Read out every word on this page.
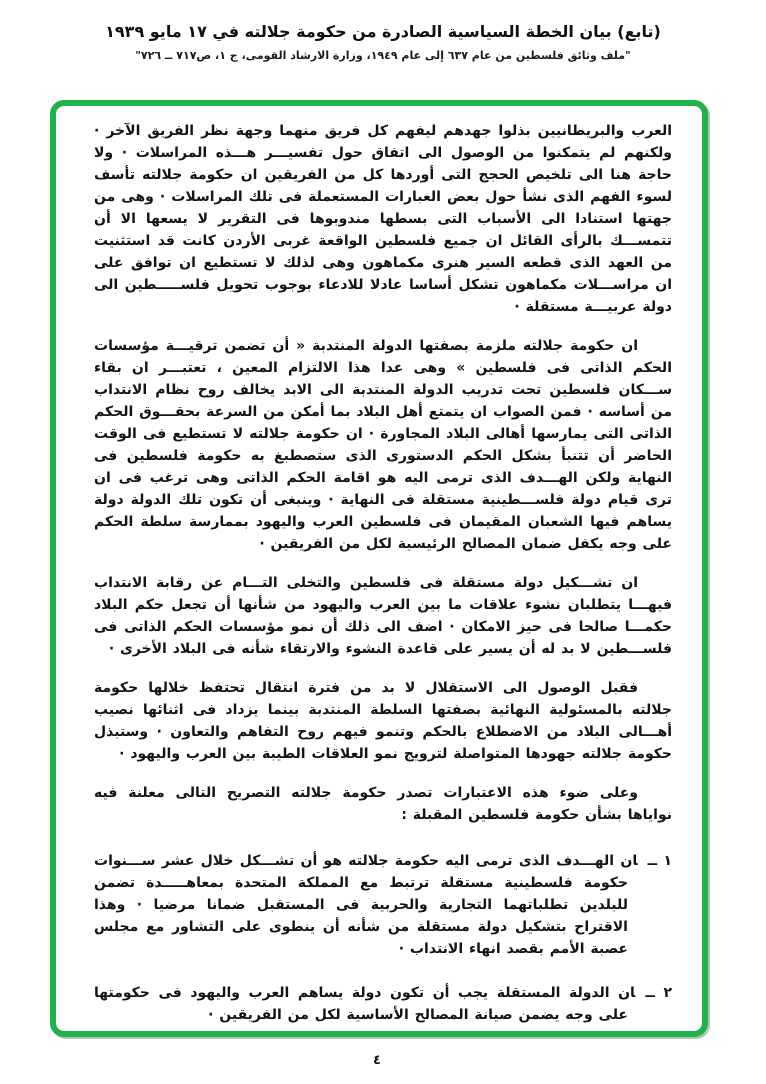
(تابع) بيان الخطة السياسية الصادرة من حكومة جلالته في ١٧ مايو ١٩٣٩
"ملف وثائق فلسطين من عام ٦٣٧ إلى عام ١٩٤٩، وزارة الارشاد القومى، ج ١، ص٧١٧ ــ ٧٢٦"

العرب والبريطانيين بذلوا جهدهم ليفهم كل فريق منهما وجهة نظر الفريق الآخر · ولكنهم لم يتمكنوا من الوصول الى اتفاق حول تفسيـــر هـــذه المراسلات · ولا حاجة هنا الى تلخيص الحجج التى أوردها كل من الفريقين ان حكومة جلالته تأسف لسوء الفهم الذى نشأ حول بعض العبارات المستعملة فى تلك المراسلات · وهى من جهتها استنادا الى الأسباب التى بسطها مندوبوها فى التقرير لا يسعها الا أن تتمســـك بالرأى القائل ان جميع فلسطين الواقعة غربى الأردن كانت قد استثنيت من العهد الذى قطعه السير هنرى مكماهون وهى لذلك لا تستطيع ان توافق على ان مراســـلات مكماهون تشكل أساسا عادلا للادعاء بوجوب تحويل فلســـــطين الى دولة عربيـــة مستقلة ·

ان حكومة جلالته ملزمة بصفتها الدولة المنتدبة « أن تضمن ترقيـــة مؤسسات الحكم الذاتى فى فلسطين » وهى عدا هذا الالتزام المعين ، تعتبـــر ان بقاء ســـكان فلسطين تحت تدريب الدولة المنتدبة الى الابد يخالف روح نظام الانتداب من أساسه · فمن الصواب ان يتمتع أهل البلاد بما أمكن من السرعة بحقـــوق الحكم الذاتى التى يمارسها أهالى البلاد المجاورة · ان حكومة جلالته لا تستطيع فى الوقت الحاضر أن تتنبأ بشكل الحكم الدستورى الذى ستصطبغ به حكومة فلسطين فى النهاية ولكن الهـــدف الذى ترمى اليه هو اقامة الحكم الذاتى وهى ترغب فى ان ترى قيام دولة فلســـطينية مستقلة فى النهاية · وينبغى أن تكون تلك الدولة دولة يساهم فيها الشعبان المقيمان فى فلسطين العرب واليهود بممارسة سلطة الحكم على وجه يكفل ضمان المصالح الرئيسية لكل من الفريقين ·

ان تشـــكيل دولة مستقلة فى فلسطين والتخلى التـــام عن رقابة الانتداب فيهـــا يتطلبان نشوء علاقات ما بين العرب واليهود من شأنها أن تجعل حكم البلاد حكمـــا صالحا فى حيز الامكان · اضف الى ذلك أن نمو مؤسسات الحكم الذاتى فى فلســـطين لا بد له أن يسير على قاعدة النشوء والارتقاء شأنه فى البلاد الأخرى ·

فقبل الوصول الى الاستقلال لا بد من فترة انتقال تحتفظ خلالها حكومة جلالته بالمسئولية النهائية بصفتها السلطة المنتدبة بينما يزداد فى اثنائها نصيب أهـــالى البلاد من الاضطلاع بالحكم وتنمو فيهم روح التفاهم والتعاون · وستبذل حكومة جلالته جهودها المتواصلة لترويج نمو العلاقات الطيبة بين العرب واليهود ·

وعلى ضوء هذه الاعتبارات تصدر حكومة جلالته التصريح التالى معلنة فيه نواياها بشأن حكومة فلسطين المقبلة :

١ ــان الهـــدف الذى ترمى اليه حكومة جلالته هو أن تشـــكل خلال عشر ســـنوات حكومة فلسطينية مستقلة ترتبط مع المملكة المتحدة بمعاهـــــدة تضمن للبلدين تطلباتهما التجارية والحربية فى المستقبل ضمانا مرضيا · وهذا الاقتراح بتشكيل دولة مستقلة من شأنه أن ينطوى على التشاور مع مجلس عصبة الأمم بقصد انهاء الانتداب ·
٢ ــان الدولة المستقلة يجب أن تكون دولة يساهم العرب واليهود فى حكومتها على وجه يضمن صيانة المصالح الأساسية لكل من الفريقين ·
٤
